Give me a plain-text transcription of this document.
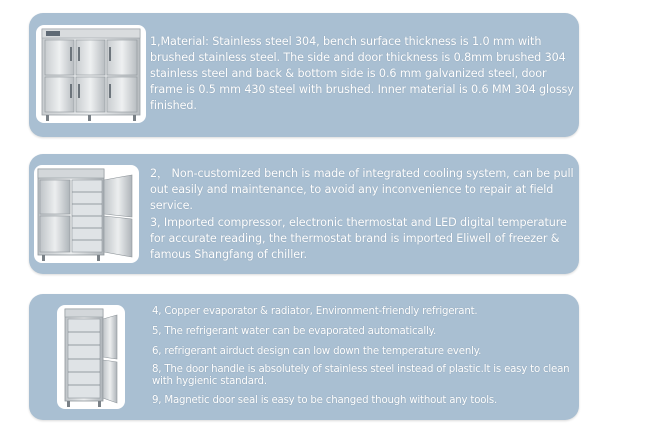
1,Material: Stainless steel 304, bench surface thickness is 1.0 mm with brushed stainless steel. The side and door thickness is 0.8mm brushed 304 stainless steel and back & bottom side is 0.6 mm galvanized steel, door frame is 0.5 mm 430 steel with brushed. Inner material is 0.6 MM 304 glossy finished.
2， Non-customized bench is made of integrated cooling system, can be pull out easily and maintenance, to avoid any inconvenience to repair at field service.
3, Imported compressor, electronic thermostat and LED digital temperature for accurate reading, the thermostat brand is imported Eliwell of freezer & famous Shangfang of chiller.
4, Copper evaporator & radiator, Environment-friendly refrigerant.
5, The refrigerant water can be evaporated automatically.
6, refrigerant airduct design can low down the temperature evenly.
8, The door handle is absolutely of stainless steel instead of plastic.It is easy to clean with hygienic standard.
9, Magnetic door seal is easy to be changed though without any tools.
